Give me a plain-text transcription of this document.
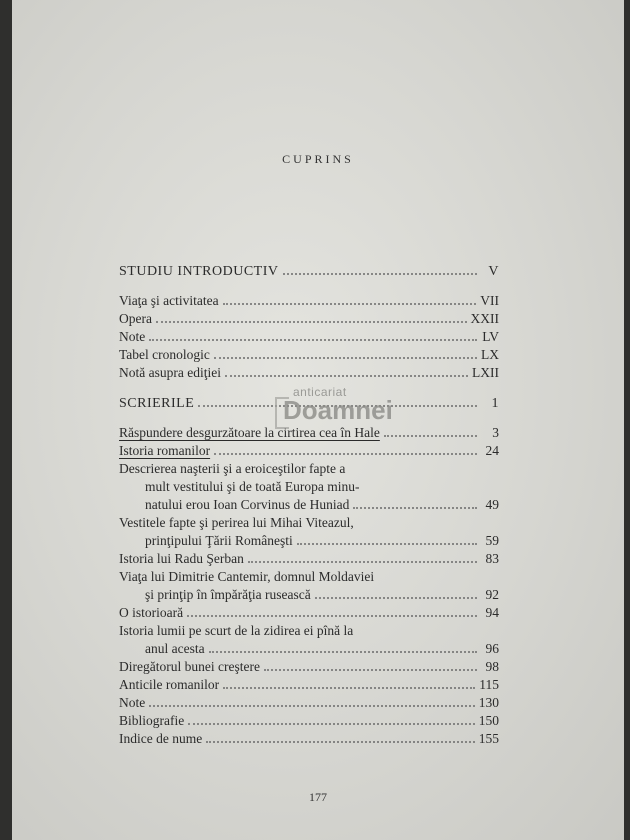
CUPRINS
STUDIU INTRODUCTIV	V
Viaţa şi activitatea	VII
Opera	XXII
Note	LV
Tabel cronologic	LX
Notă asupra ediţiei	LXII
SCRIERILE	1
Răspundere desgurzătoare la cirtirea cea în Hale	3
Istoria romanilor	24
Descrierea naşterii şi a eroiceştilor fapte a
mult vestitului şi de toată Europa minu-
natului erou Ioan Corvinus de Huniad	49
Vestitele fapte şi perirea lui Mihai Viteazul,
prinţipului Ţării Româneşti	59
Istoria lui Radu Şerban	83
Viaţa lui Dimitrie Cantemir, domnul Moldaviei
şi prinţip în împărăţia rusească	92
O istorioară	94
Istoria lumii pe scurt de la zidirea ei pînă la
anul acesta	96
Diregătorul bunei creştere	98
Anticile romanilor	115
Note	130
Bibliografie	150
Indice de nume	155
anticariat
Doamnei
177
